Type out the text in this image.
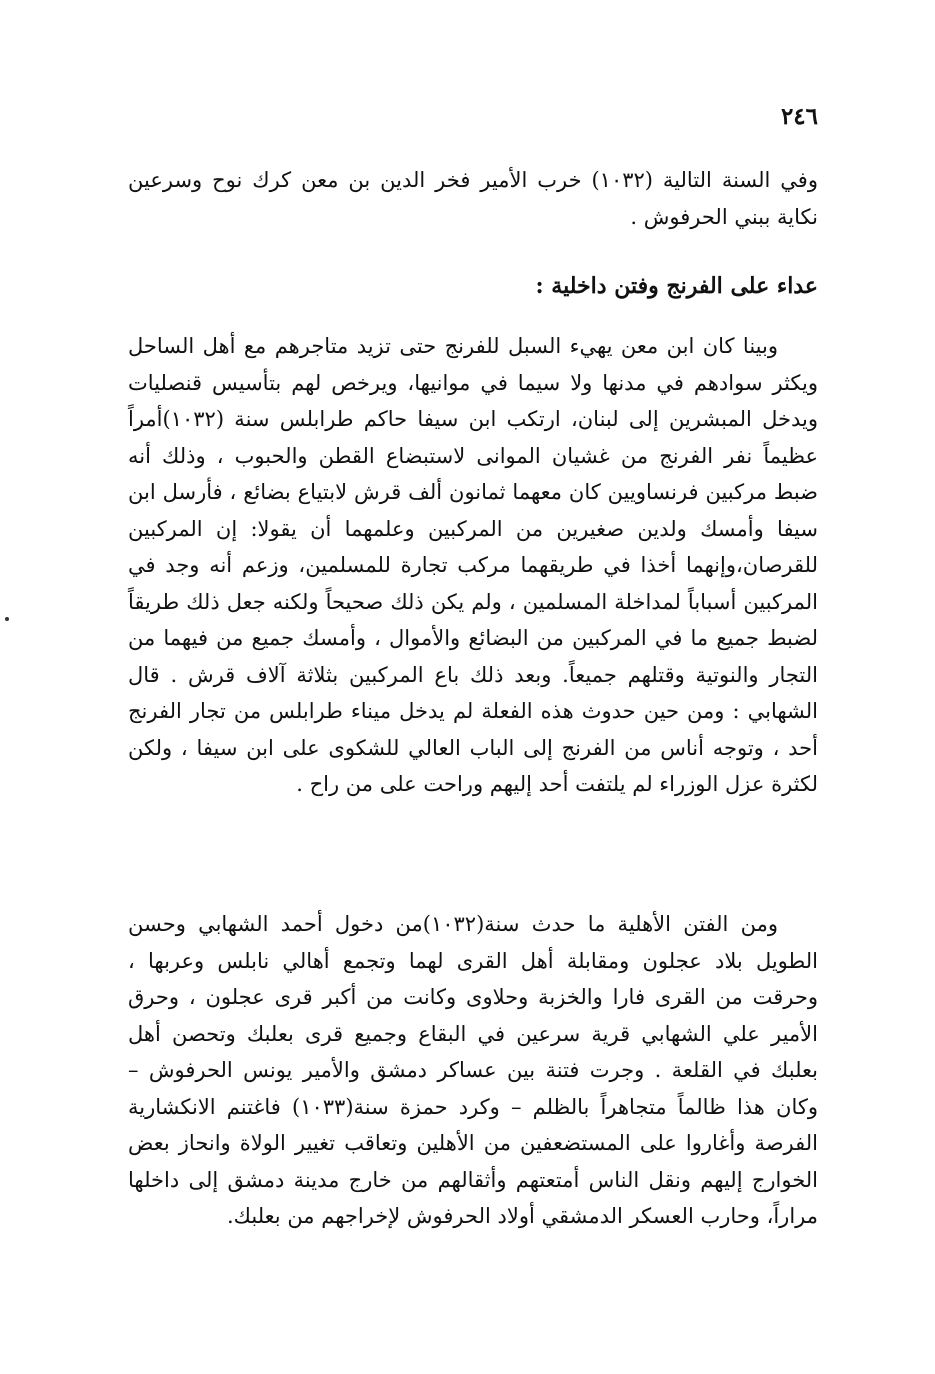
٢٤٦

وفي السنة التالية (١٠٣٢) خرب الأمير فخر الدين بن معن كرك نوح وسرعين نكاية ببني الحرفوش .

عداء على الفرنج وفتن داخلية :

وبينا كان ابن معن يهيء السبل للفرنج حتى تزيد متاجرهم مع أهل الساحل ويكثر سوادهم في مدنها ولا سيما في موانيها، ويرخص لهم بتأسيس قنصليات ويدخل المبشرين إلى لبنان، ارتكب ابن سيفا حاكم طرابلس سنة (١٠٣٢)أمراً عظيماً نفر الفرنج من غشيان الموانى لاستبضاع القطن والحبوب ، وذلك أنه ضبط مركبين فرنساويين كان معهما ثمانون ألف قرش لابتياع بضائع ، فأرسل ابن سيفا وأمسك ولدين صغيرين من المركبين وعلمهما أن يقولا: إن المركبين للقرصان،وإنهما أخذا في طريقهما مركب تجارة للمسلمين، وزعم أنه وجد في المركبين أسباباً لمداخلة المسلمين ، ولم يكن ذلك صحيحاً ولكنه جعل ذلك طريقاً لضبط جميع ما في المركبين من البضائع والأموال ، وأمسك جميع من فيهما من التجار والنوتية وقتلهم جميعاً. وبعد ذلك باع المركبين بثلاثة آلاف قرش . قال الشهابي : ومن حين حدوث هذه الفعلة لم يدخل ميناء طرابلس من تجار الفرنج أحد ، وتوجه أناس من الفرنج إلى الباب العالي للشكوى على ابن سيفا ، ولكن لكثرة عزل الوزراء لم يلتفت أحد إليهم وراحت على من راح .

ومن الفتن الأهلية ما حدث سنة(١٠٣٢)من دخول أحمد الشهابي وحسن الطويل بلاد عجلون ومقابلة أهل القرى لهما وتجمع أهالي نابلس وعربها ، وحرقت من القرى فارا والخزبة وحلاوى وكانت من أكبر قرى عجلون ، وحرق الأمير علي الشهابي قرية سرعين في البقاع وجميع قرى بعلبك وتحصن أهل بعلبك في القلعة . وجرت فتنة بين عساكر دمشق والأمير يونس الحرفوش – وكان هذا ظالماً متجاهراً بالظلم – وكرد حمزة سنة(١٠٣٣) فاغتنم الانكشارية الفرصة وأغاروا على المستضعفين من الأهلين وتعاقب تغيير الولاة وانحاز بعض الخوارج إليهم ونقل الناس أمتعتهم وأثقالهم من خارج مدينة دمشق إلى داخلها مراراً، وحارب العسكر الدمشقي أولاد الحرفوش لإخراجهم من بعلبك.
